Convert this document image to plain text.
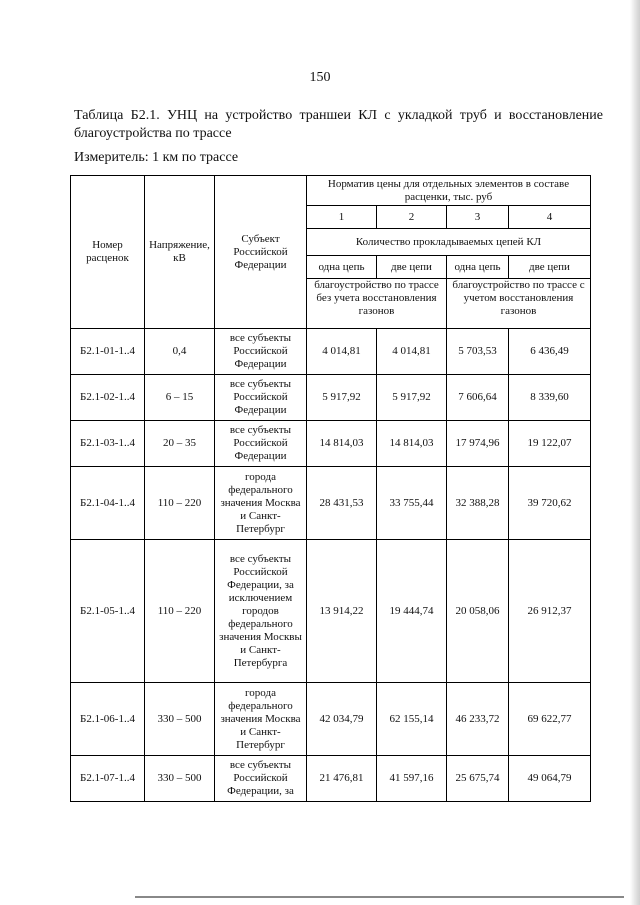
150
Таблица Б2.1. УНЦ на устройство траншеи КЛ с укладкой труб и восстановление благоустройства по трассе
Измеритель: 1 км по трассе
Номер расценок	Напряжение, кВ	Субъект Российской Федерации	Норматив цены для отдельных элементов в составе расценки, тыс. руб			
			1	2	3	4
			Количество прокладываемых цепей КЛ			
			одна цепь	две цепи	одна цепь	две цепи
			благоустройство по трассе без учета восстановления газонов		благоустройство по трассе с учетом восстановления газонов	
Б2.1-01-1..4	0,4	все субъекты Российской Федерации	4 014,81	4 014,81	5 703,53	6 436,49
Б2.1-02-1..4	6 – 15	все субъекты Российской Федерации	5 917,92	5 917,92	7 606,64	8 339,60
Б2.1-03-1..4	20 – 35	все субъекты Российской Федерации	14 814,03	14 814,03	17 974,96	19 122,07
Б2.1-04-1..4	110 – 220	города федерального значения Москва и Санкт-Петербург	28 431,53	33 755,44	32 388,28	39 720,62
Б2.1-05-1..4	110 – 220	все субъекты Российской Федерации, за исключением городов федерального значения Москвы и Санкт-Петербурга	13 914,22	19 444,74	20 058,06	26 912,37
Б2.1-06-1..4	330 – 500	города федерального значения Москва и Санкт-Петербург	42 034,79	62 155,14	46 233,72	69 622,77
Б2.1-07-1..4	330 – 500	все субъекты Российской Федерации, за	21 476,81	41 597,16	25 675,74	49 064,79
